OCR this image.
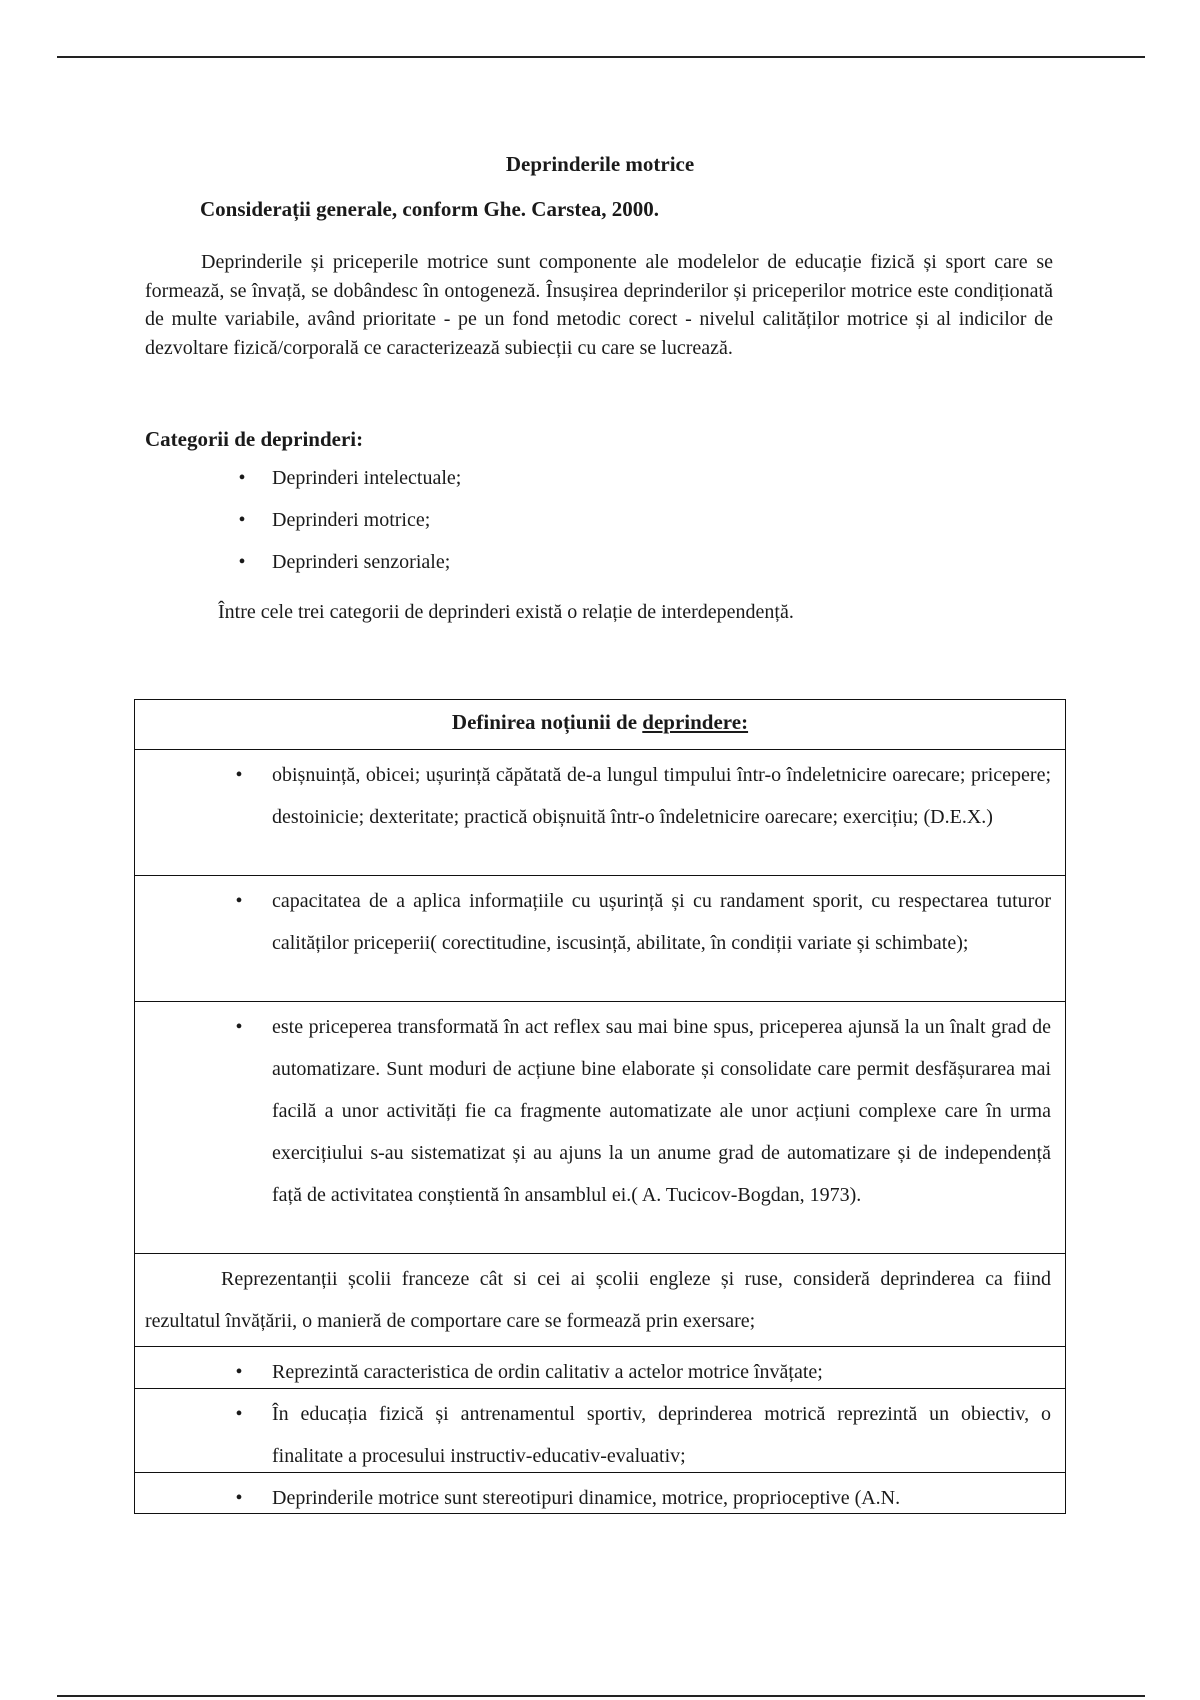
Deprinderile motrice
Considerații generale, conform Ghe. Carstea, 2000.

Deprinderile și priceperile motrice sunt componente ale modelelor de educație fizică și sport care se formează, se învață, se dobândesc în ontogeneză. Însușirea deprinderilor și priceperilor motrice este condiționată de multe variabile, având prioritate - pe un fond metodic corect - nivelul calităților motrice și al indicilor de dezvoltare fizică/corporală ce caracterizează subiecții cu care se lucrează.

Categorii de deprinderi:
• Deprinderi intelectuale;
• Deprinderi motrice;
• Deprinderi senzoriale;
Între cele trei categorii de deprinderi există o relație de interdependență.
Definirea noțiunii de deprindere:
• obișnuință, obicei; ușurință căpătată de-a lungul timpului într-o îndeletnicire oarecare; pricepere; destoinicie; dexteritate; practică obișnuită într-o îndeletnicire oarecare; exercițiu; (D.E.X.)
• capacitatea de a aplica informațiile cu ușurință și cu randament sporit, cu respectarea tuturor calităților priceperii( corectitudine, iscusință, abilitate, în condiții variate și schimbate);
• este priceperea transformată în act reflex sau mai bine spus, priceperea ajunsă la un înalt grad de automatizare. Sunt moduri de acțiune bine elaborate și consolidate care permit desfășurarea mai facilă a unor activități fie ca fragmente automatizate ale unor acțiuni complexe care în urma exercițiului s-au sistematizat și au ajuns la un anume grad de automatizare și de independență față de activitatea conștientă în ansamblul ei.( A. Tucicov-Bogdan, 1973).
Reprezentanții școlii franceze cât si cei ai școlii engleze și ruse, consideră deprinderea ca fiind rezultatul învățării, o manieră de comportare care se formează prin exersare;
• Reprezintă caracteristica de ordin calitativ a actelor motrice învățate;
• În educația fizică și antrenamentul sportiv, deprinderea motrică reprezintă un obiectiv, o finalitate a procesului instructiv-educativ-evaluativ;
• Deprinderile motrice sunt stereotipuri dinamice, motrice, proprioceptive (A.N.
